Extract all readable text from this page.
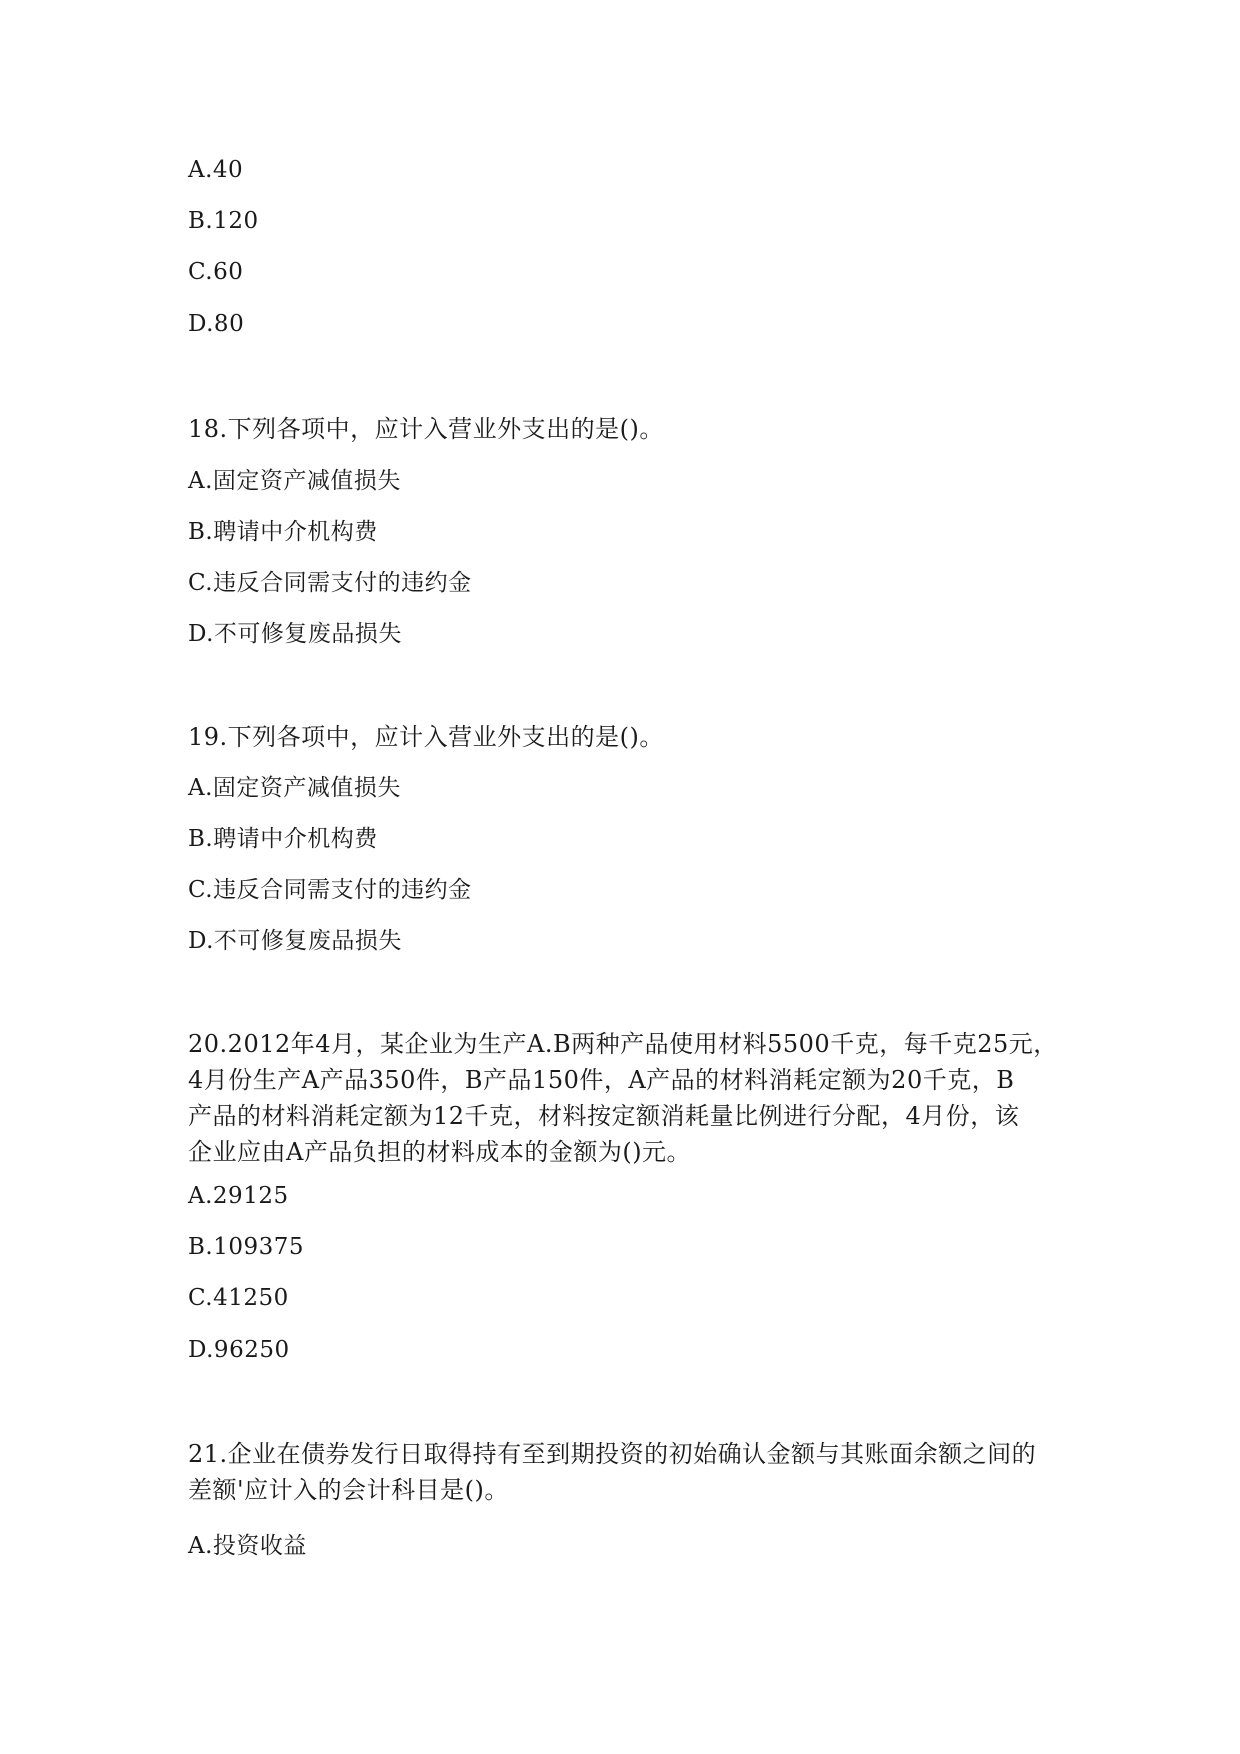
A.40
B.120
C.60
D.80
18.下列各项中，应计入营业外支出的是()。
A.固定资产减值损失
B.聘请中介机构费
C.违反合同需支付的违约金
D.不可修复废品损失
19.下列各项中，应计入营业外支出的是()。
A.固定资产减值损失
B.聘请中介机构费
C.违反合同需支付的违约金
D.不可修复废品损失
20.2012年4月，某企业为生产A.B两种产品使用材料5500千克，每千克25元，
4月份生产A产品350件，B产品150件，A产品的材料消耗定额为20千克，B
产品的材料消耗定额为12千克，材料按定额消耗量比例进行分配，4月份，该
企业应由A产品负担的材料成本的金额为()元。
A.29125
B.109375
C.41250
D.96250
21.企业在债券发行日取得持有至到期投资的初始确认金额与其账面余额之间的
差额'应计入的会计科目是()。
A.投资收益
